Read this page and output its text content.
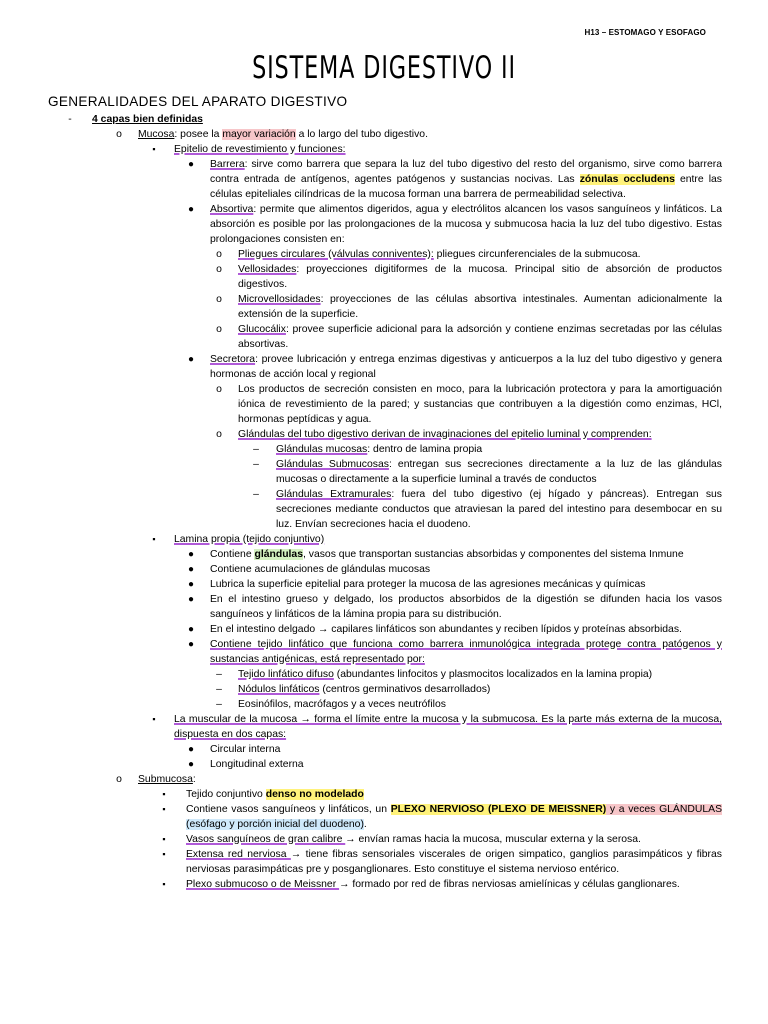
H13 – ESTOMAGO Y ESOFAGO
SISTEMA DIGESTIVO II
GENERALIDADES DEL APARATO DIGESTIVO
-	4 capas bien definidas
o Mucosa: posee la mayor variación a lo largo del tubo digestivo.
▪	Epitelio de revestimiento y funciones:
● Barrera: sirve como barrera que separa la luz del tubo digestivo del resto del organismo, sirve como barrera contra entrada de antígenos, agentes patógenos y sustancias nocivas. Las zónulas occludens entre las células epiteliales cilíndricas de la mucosa forman una barrera de permeabilidad selectiva.
● Absortiva: permite que alimentos digeridos, agua y electrólitos alcancen los vasos sanguíneos y linfáticos. La absorción es posible por las prolongaciones de la mucosa y submucosa hacia la luz del tubo digestivo. Estas prolongaciones consisten en:
o Pliegues circulares (válvulas conniventes): pliegues circunferenciales de la submucosa.
o Vellosidades: proyecciones digitiformes de la mucosa. Principal sitio de absorción de productos digestivos.
o Microvellosidades: proyecciones de las células absortiva intestinales. Aumentan adicionalmente la extensión de la superficie.
o Glucocálix: provee superficie adicional para la adsorción y contiene enzimas secretadas por las células absortivas.
● Secretora: provee lubricación y entrega enzimas digestivas y anticuerpos a la luz del tubo digestivo y genera hormonas de acción local y regional
o Los productos de secreción consisten en moco, para la lubricación protectora y para la amortiguación iónica de revestimiento de la pared; y sustancias que contribuyen a la digestión como enzimas, HCl, hormonas peptídicas y agua.
o Glándulas del tubo digestivo derivan de invaginaciones del epitelio luminal y comprenden:
– Glándulas mucosas: dentro de lamina propia
– Glándulas Submucosas: entregan sus secreciones directamente a la luz de las glándulas mucosas o directamente a la superficie luminal a través de conductos
– Glándulas Extramurales: fuera del tubo digestivo (ej hígado y páncreas). Entregan sus secreciones mediante conductos que atraviesan la pared del intestino para desembocar en su luz. Envían secreciones hacia el duodeno.
▪	Lamina propia (tejido conjuntivo)
● Contiene glándulas, vasos que transportan sustancias absorbidas y componentes del sistema Inmune
● Contiene acumulaciones de glándulas mucosas
● Lubrica la superficie epitelial para proteger la mucosa de las agresiones mecánicas y químicas
● En el intestino grueso y delgado, los productos absorbidos de la digestión se difunden hacia los vasos sanguíneos y linfáticos de la lámina propia para su distribución.
● En el intestino delgado → capilares linfáticos son abundantes y reciben lípidos y proteínas absorbidas.
● Contiene tejido linfático que funciona como barrera inmunológica integrada protege contra patógenos y sustancias antigénicas, está representado por:
– Tejido linfático difuso (abundantes linfocitos y plasmocitos localizados en la lamina propia)
– Nódulos linfáticos (centros germinativos desarrollados)
– Eosinófilos, macrófagos y a veces neutrófilos
▪	La muscular de la mucosa → forma el límite entre la mucosa y la submucosa. Es la parte más externa de la mucosa, dispuesta en dos capas:
● Circular interna
● Longitudinal externa
o Submucosa:
▪	Tejido conjuntivo denso no modelado
▪	Contiene vasos sanguíneos y linfáticos, un PLEXO NERVIOSO (PLEXO DE MEISSNER) y a veces GLÁNDULAS (esófago y porción inicial del duodeno).
▪	Vasos sanguíneos de gran calibre → envían ramas hacia la mucosa, muscular externa y la serosa.
▪	Extensa red nerviosa → tiene fibras sensoriales viscerales de origen simpatico, ganglios parasimpáticos y fibras nerviosas parasimpáticas pre y posganglionares. Esto constituye el sistema nervioso entérico.
▪	Plexo submucoso o de Meissner → formado por red de fibras nerviosas amielínicas y células ganglionares.
